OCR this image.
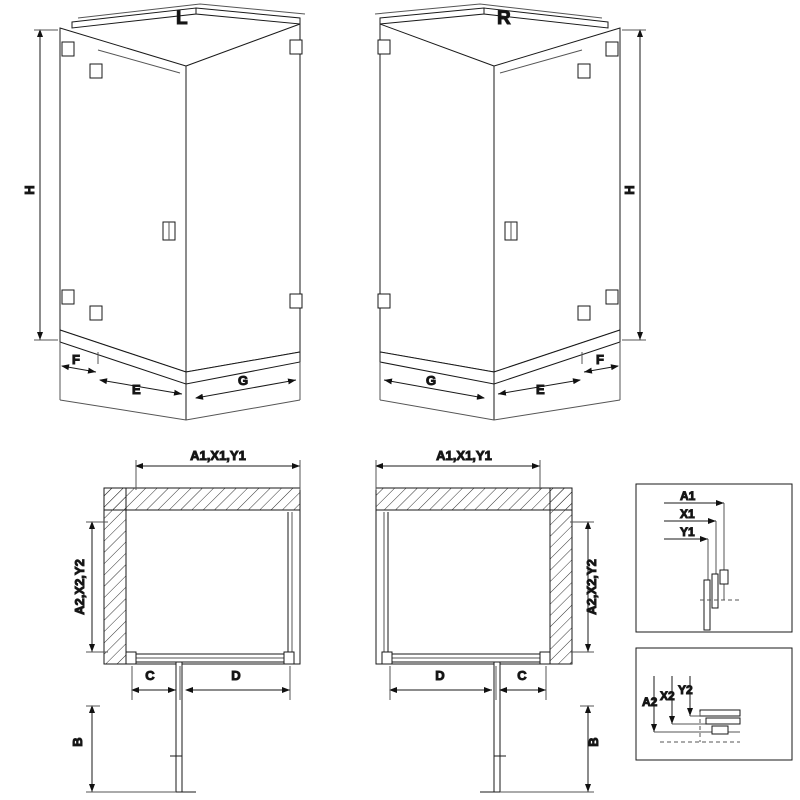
L
H
F
E
G
R
H
F
E
G
A1,X1,Y1
A2,X2,Y2
C	D
B
A1,X1,Y1
A2,X2,Y2
D	C
B
A1
X1
Y1
A2 X2 Y2
